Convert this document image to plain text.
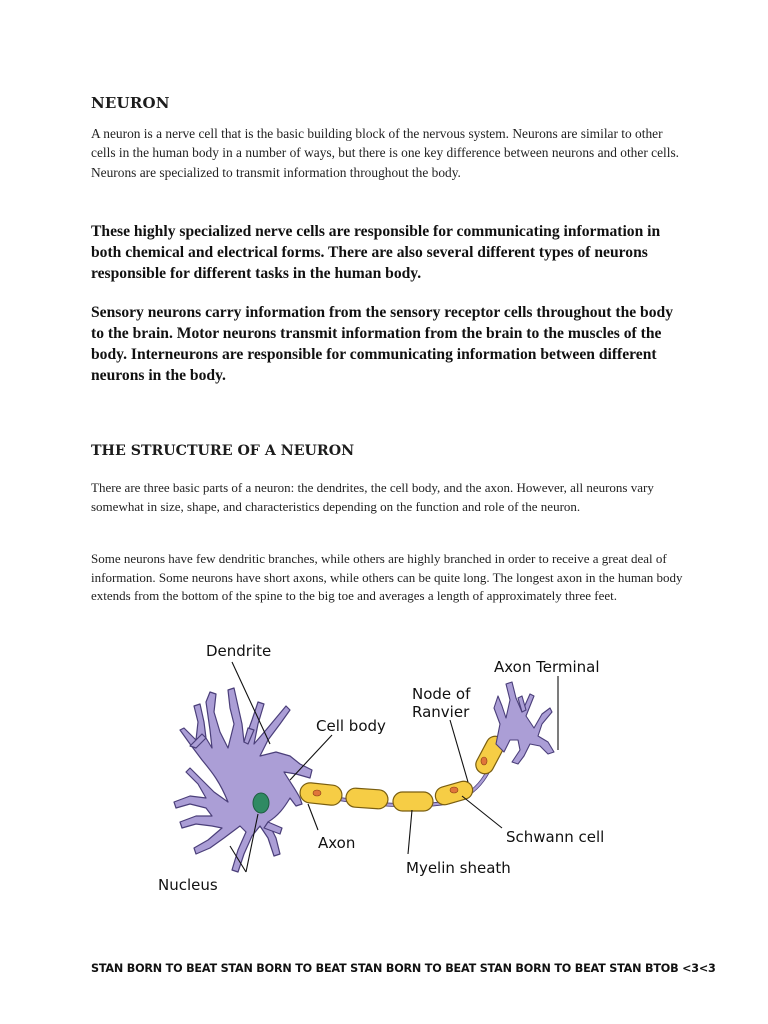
NEURON

A neuron is a nerve cell that is the basic building block of the nervous system. Neurons are similar to other cells in the human body in a number of ways, but there is one key difference between neurons and other cells. Neurons are specialized to transmit information throughout the body.

These highly specialized nerve cells are responsible for communicating information in both chemical and electrical forms. There are also several different types of neurons responsible for different tasks in the human body.

Sensory neurons carry information from the sensory receptor cells throughout the body to the brain. Motor neurons transmit information from the brain to the muscles of the body. Interneurons are responsible for communicating information between different neurons in the body.

THE STRUCTURE OF A NEURON

There are three basic parts of a neuron: the dendrites, the cell body, and the axon. However, all neurons vary somewhat in size, shape, and characteristics depending on the function and role of the neuron.

Some neurons have few dendritic branches, while others are highly branched in order to receive a great deal of information. Some neurons have short axons, while others can be quite long. The longest axon in the human body extends from the bottom of the spine to the big toe and averages a length of approximately three feet.

Dendrite
Cell body
Nucleus
Axon
Myelin sheath
Schwann cell
Node of
Ranvier
Axon Terminal

STAN BORN TO BEAT STAN BORN TO BEAT STAN BORN TO BEAT STAN BORN TO BEAT STAN BTOB <3<3
